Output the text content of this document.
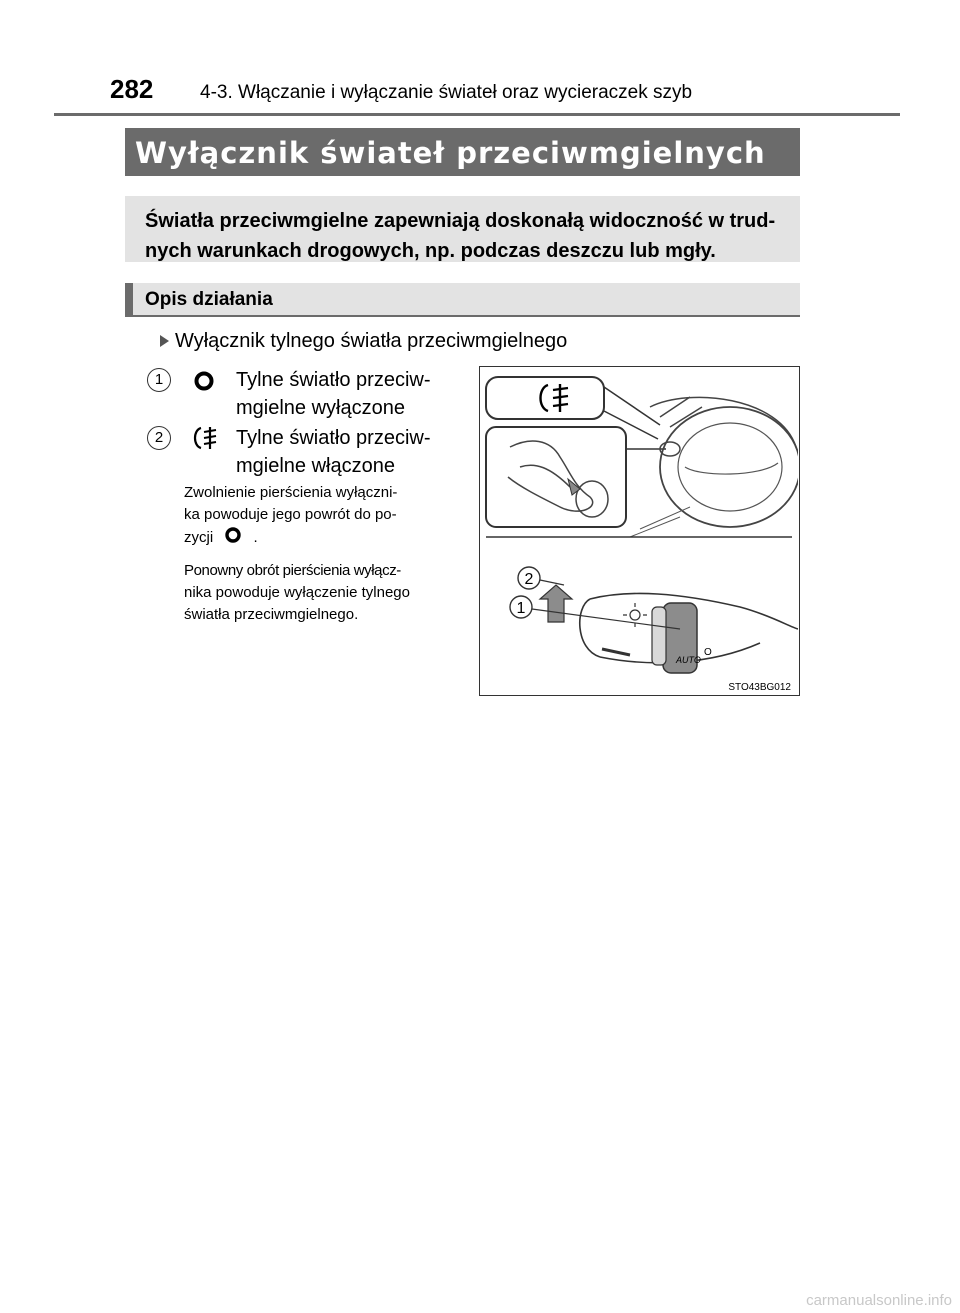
282 4-3. Włączanie i wyłączanie świateł oraz wycieraczek szyb
Wyłącznik świateł przeciwmgielnych
Światła przeciwmgielne zapewniają doskonałą widoczność w trud-
nych warunkach drogowych, np. podczas deszczu lub mgły.
Opis działania
Wyłącznik tylnego światła przeciwmgielnego
1	Tylne światło przeciw-
mgielne wyłączone
2	Tylne światło przeciw-
mgielne włączone
Zwolnienie pierścienia wyłączni-
ka powoduje jego powrót do po-
zycji	.
Ponowny obrót pierścienia wyłącz-
nika powoduje wyłączenie tylnego
światła przeciwmgielnego.
AUTO
O
2
1
STO43BG012
carmanualsonline.info
